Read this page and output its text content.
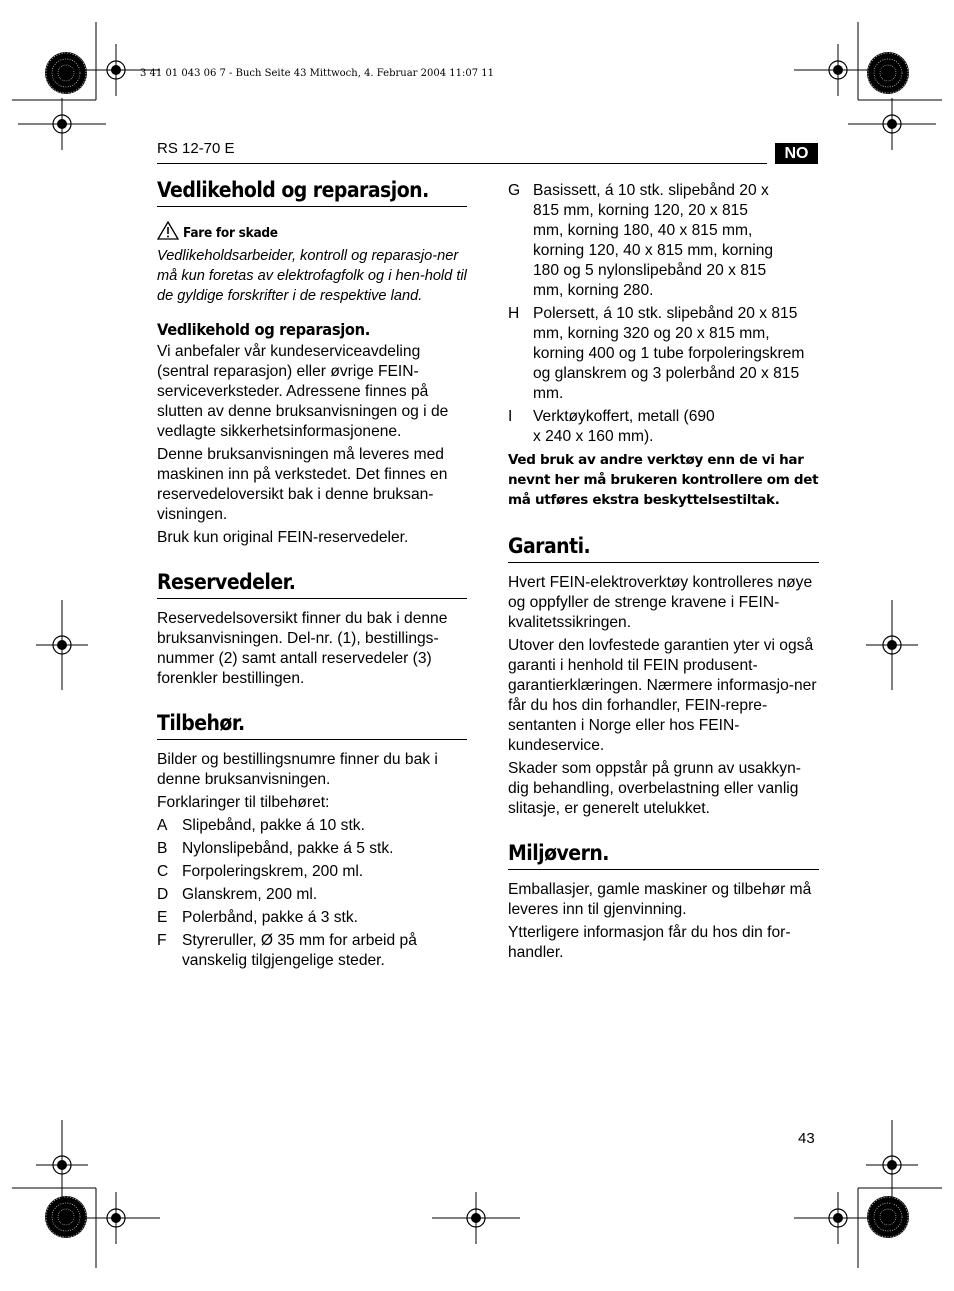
3 41 01 043 06 7 - Buch Seite 43 Mittwoch, 4. Februar 2004 11:07 11
RS 12-70 E	NO
Vedlikehold og reparasjon.
Fare for skade
Vedlikeholdsarbeider, kontroll og reparasjo-ner må kun foretas av elektrofagfolk og i hen-hold til de gyldige forskrifter i de respektive land.
Vedlikehold og reparasjon.

Vi anbefaler vår kundeserviceavdeling (sentral reparasjon) eller øvrige FEIN-serviceverksteder. Adressene finnes på slutten av denne bruksanvisningen og i de vedlagte sikkerhetsinformasjonene.

Denne bruksanvisningen må leveres med maskinen inn på verkstedet. Det finnes en reservedeloversikt bak i denne bruksan-visningen.

Bruk kun original FEIN-reservedeler.

Reservedeler.

Reservedelsoversikt finner du bak i denne bruksanvisningen. Del-nr. (1), bestillings-nummer (2) samt antall reservedeler (3) forenkler bestillingen.

Tilbehør.

Bilder og bestillingsnumre finner du bak i denne bruksanvisningen.

Forklaringer til tilbehøret:

A Slipebånd, pakke á 10 stk.
B Nylonslipebånd, pakke á 5 stk.
C Forpoleringskrem, 200 ml.
D Glanskrem, 200 ml.
E Polerbånd, pakke á 3 stk.
F Styreruller, Ø 35 mm for arbeid på vanskelig tilgjengelige steder.
G Basissett, á 10 stk. slipebånd 20 x 815 mm, korning 120, 20 x 815 mm, korning 180, 40 x 815 mm, korning 120, 40 x 815 mm, korning 180 og 5 nylonslipebånd 20 x 815 mm, korning 280.
H Polersett, á 10 stk. slipebånd 20 x 815 mm, korning 320 og 20 x 815 mm, korning 400 og 1 tube forpoleringskrem og glanskrem og 3 polerbånd 20 x 815 mm.
I	Verktøykoffert, metall (690 x 240 x 160 mm).
Ved bruk av andre verktøy enn de vi har nevnt her må brukeren kontrollere om det må utføres ekstra beskyttelsestiltak.
Garanti.

Hvert FEIN-elektroverktøy kontrolleres nøye og oppfyller de strenge kravene i FEIN-kvalitetssikringen.

Utover den lovfestede garantien yter vi også garanti i henhold til FEIN produsent-garantierklæringen. Nærmere informasjo-ner får du hos din forhandler, FEIN-repre-sentanten i Norge eller hos FEIN-kundeservice.

Skader som oppstår på grunn av usakkyn-dig behandling, overbelastning eller vanlig slitasje, er generelt utelukket.

Miljøvern.

Emballasjer, gamle maskiner og tilbehør må leveres inn til gjenvinning.

Ytterligere informasjon får du hos din for-handler.

43
